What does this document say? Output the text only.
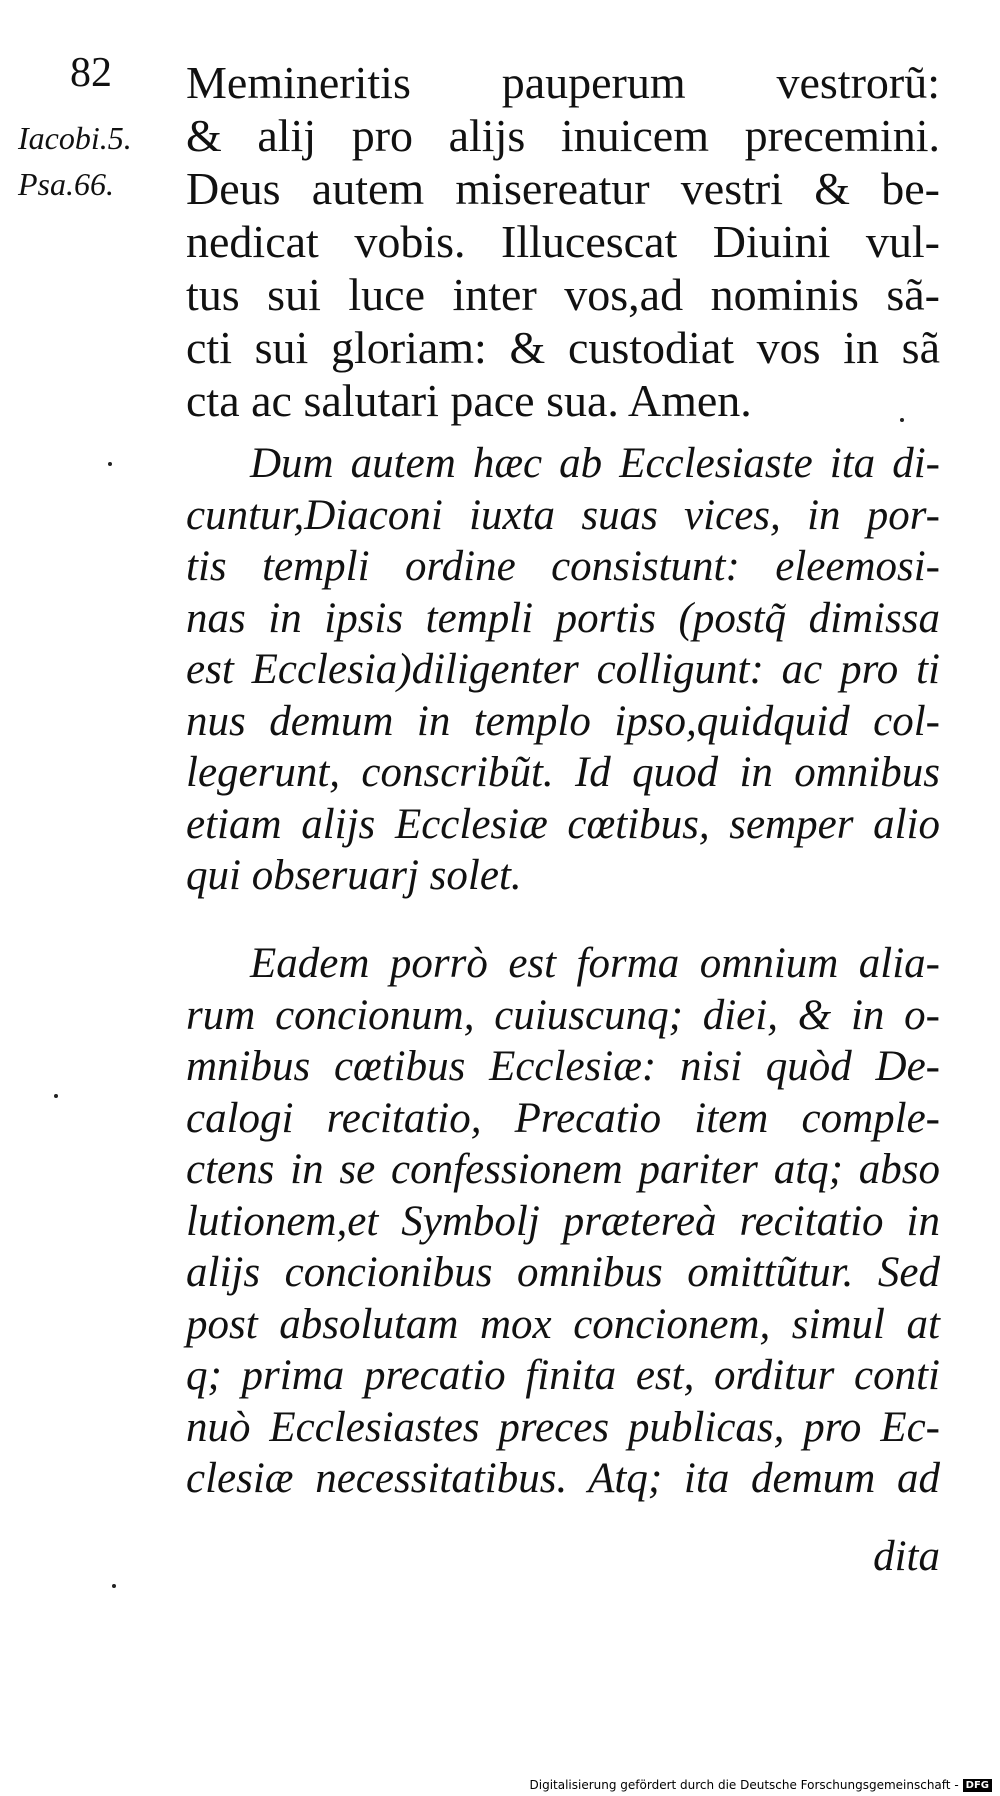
82
Iacobi.5.
Psa.66.
Memineritis pauperum vestrorũ:
& alij pro alijs inuicem precemini.
Deus autem misereatur vestri & be-
nedicat vobis. Illucescat Diuini vul-
tus sui luce inter vos,ad nominis sã-
cti sui gloriam: & custodiat vos in sã
cta ac salutari pace sua. Amen.
Dum autem hæc ab Ecclesiaste ita di-
cuntur,Diaconi iuxta suas vices, in por-
tis templi ordine consistunt: eleemosi-
nas in ipsis templi portis (postq̃ dimissa
est Ecclesia)diligenter colligunt: ac pro ti
nus demum in templo ipso,quidquid col-
legerunt, conscribũt. Id quod in omnibus
etiam alijs Ecclesiæ cœtibus, semper alio
qui obseruarj solet.
Eadem porrò est forma omnium alia-
rum concionum, cuiuscunq; diei, & in o-
mnibus cœtibus Ecclesiæ: nisi quòd De-
calogi recitatio, Precatio item comple-
ctens in se confessionem pariter atq; abso
lutionem,et Symbolj prætereà recitatio in
alijs concionibus omnibus omittũtur. Sed
post absolutam mox concionem, simul at
q; prima precatio finita est, orditur conti
nuò Ecclesiastes preces publicas, pro Ec-
clesiæ necessitatibus. Atq; ita demum ad
dita
Digitalisierung gefördert durch die Deutsche Forschungsgemeinschaft - DFG
